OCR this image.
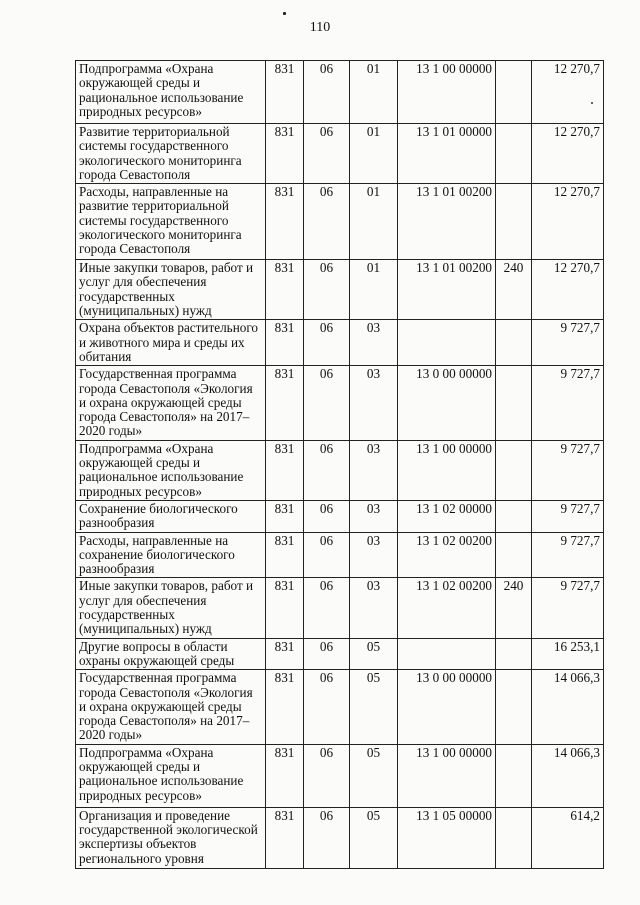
110
Подпрограмма «Охрана окружающей среды и рациональное использование природных ресурсов»	831	06	01	13 1 00 00000		12 270,7
Развитие территориальной системы государственного экологического мониторинга города Севастополя	831	06	01	13 1 01 00000		12 270,7
Расходы, направленные на развитие территориальной системы государственного экологического мониторинга города Севастополя	831	06	01	13 1 01 00200		12 270,7
Иные закупки товаров, работ и услуг для обеспечения государственных (муниципальных) нужд	831	06	01	13 1 01 00200	240	12 270,7
Охрана объектов растительного и животного мира и среды их обитания	831	06	03			9 727,7
Государственная программа города Севастополя «Экология и охрана окружающей среды города Севастополя» на 2017–2020 годы»	831	06	03	13 0 00 00000		9 727,7
Подпрограмма «Охрана окружающей среды и рациональное использование природных ресурсов»	831	06	03	13 1 00 00000		9 727,7
Сохранение биологического разнообразия	831	06	03	13 1 02 00000		9 727,7
Расходы, направленные на сохранение биологического разнообразия	831	06	03	13 1 02 00200		9 727,7
Иные закупки товаров, работ и услуг для обеспечения государственных (муниципальных) нужд	831	06	03	13 1 02 00200	240	9 727,7
Другие вопросы в области охраны окружающей среды	831	06	05			16 253,1
Государственная программа города Севастополя «Экология и охрана окружающей среды города Севастополя» на 2017–2020 годы»	831	06	05	13 0 00 00000		14 066,3
Подпрограмма «Охрана окружающей среды и рациональное использование природных ресурсов»	831	06	05	13 1 00 00000		14 066,3
Организация и проведение государственной экологической экспертизы объектов регионального уровня	831	06	05	13 1 05 00000		614,2
